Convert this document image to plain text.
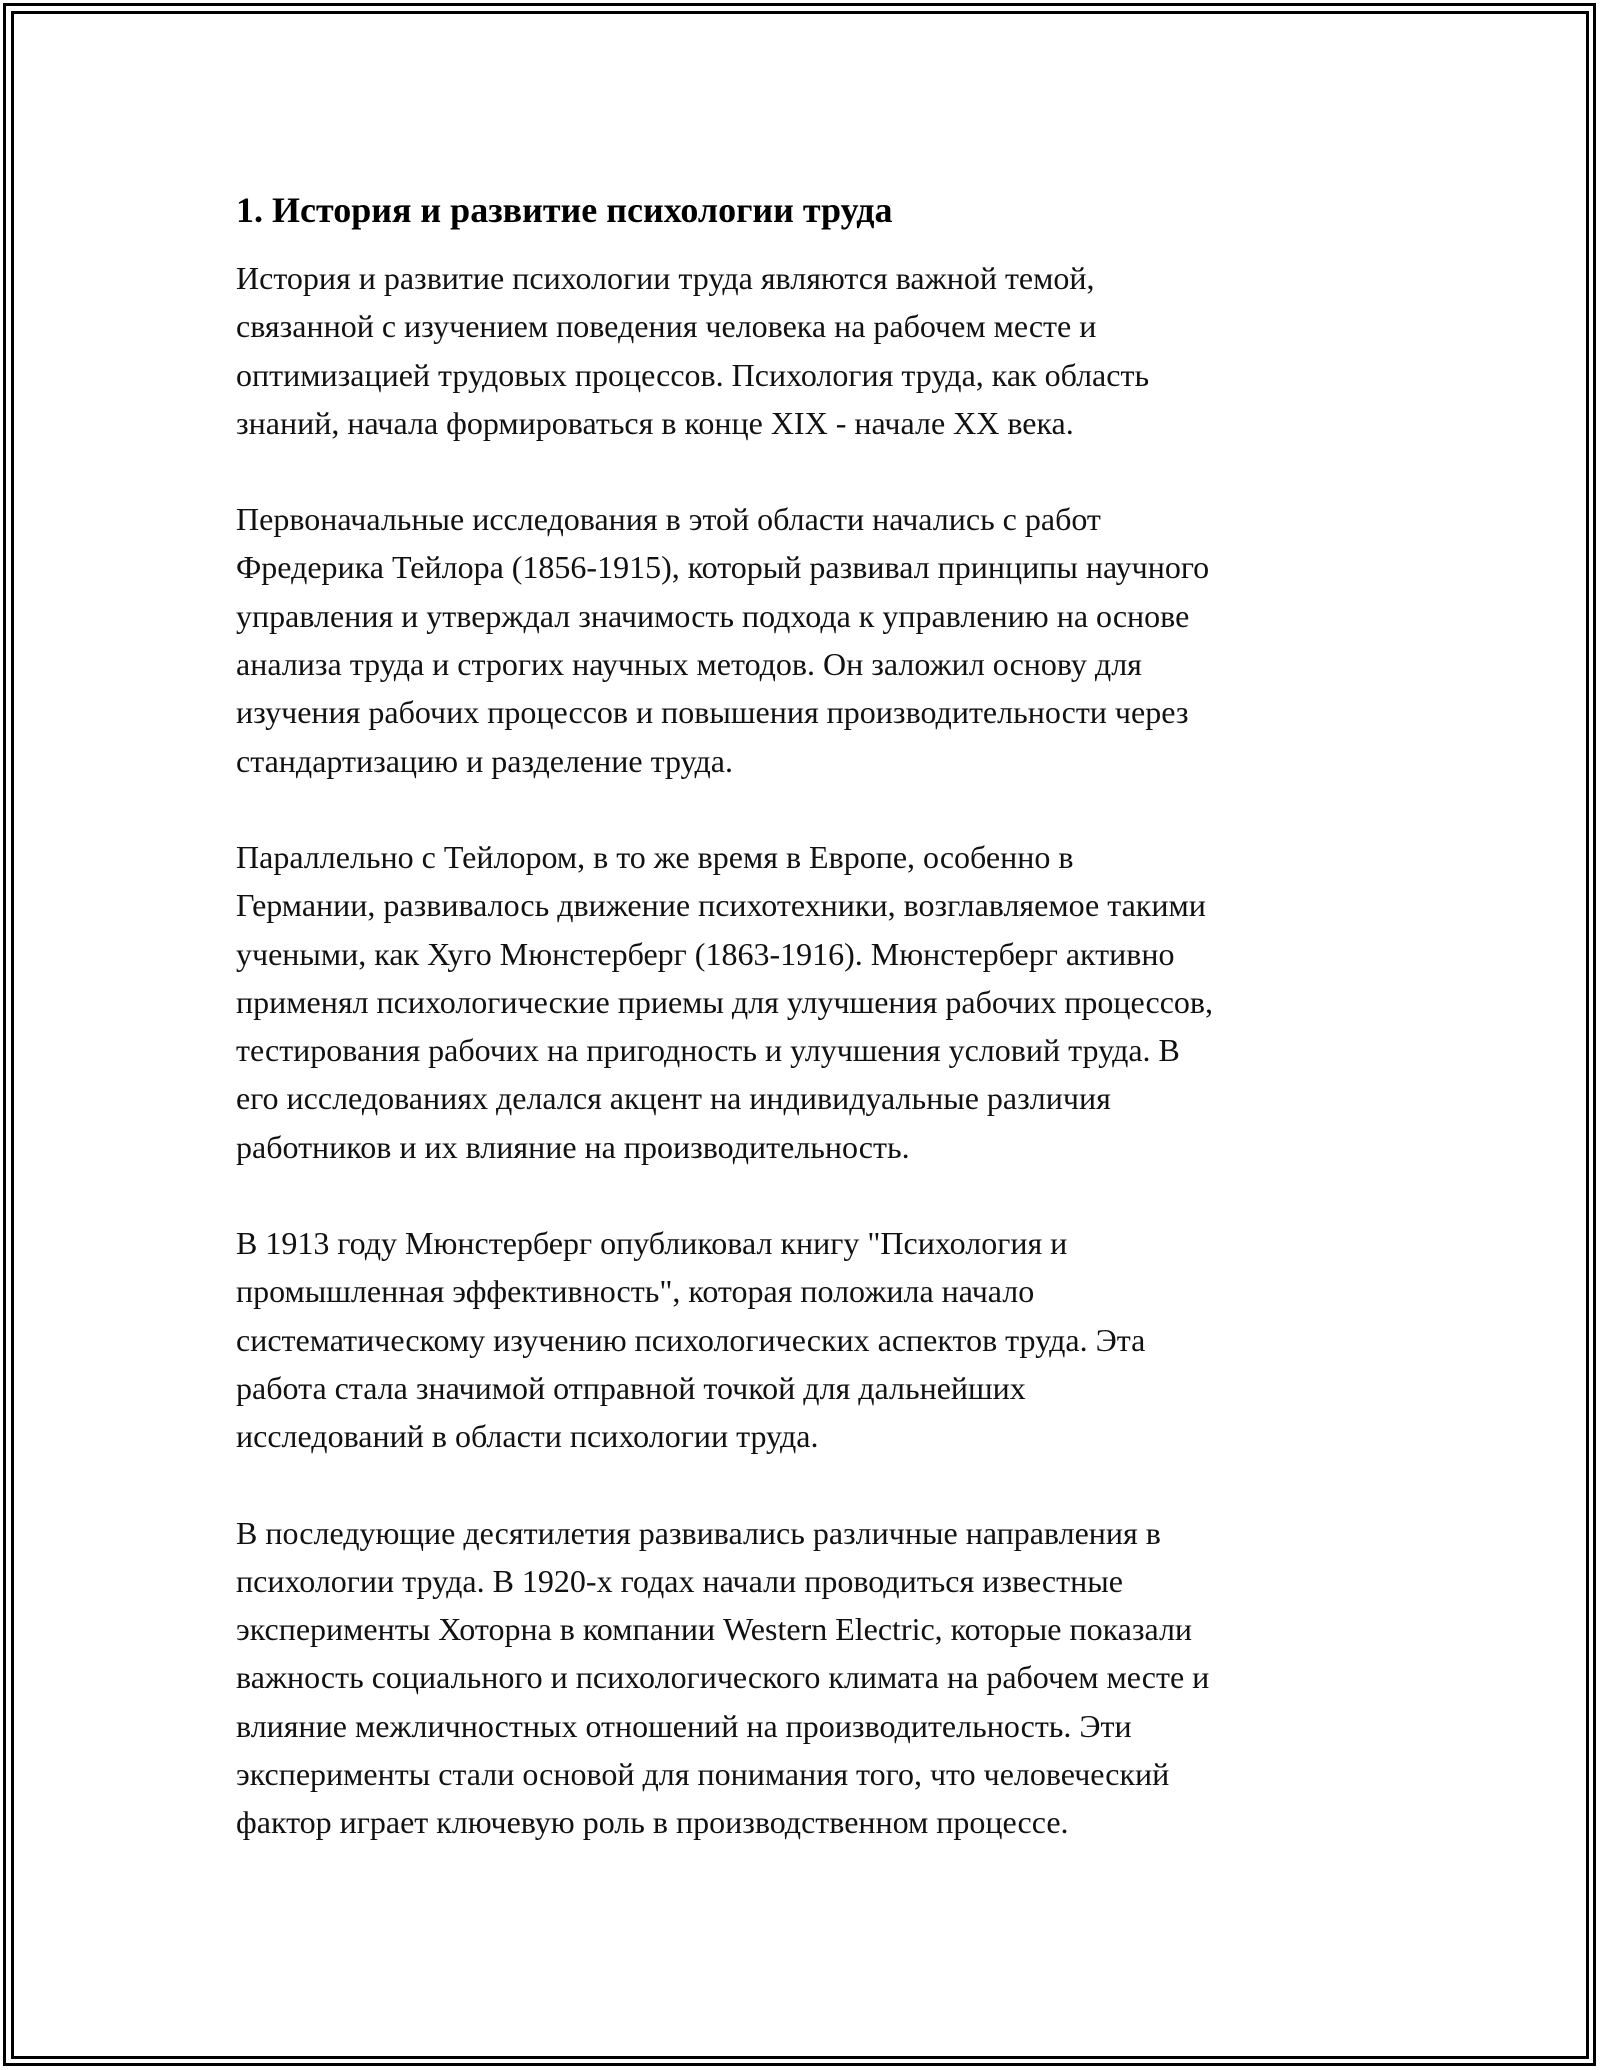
1. История и развитие психологии труда

История и развитие психологии труда являются важной темой,
связанной с изучением поведения человека на рабочем месте и
оптимизацией трудовых процессов. Психология труда, как область
знаний, начала формироваться в конце XIX - начале XX века.

Первоначальные исследования в этой области начались с работ
Фредерика Тейлора (1856-1915), который развивал принципы научного
управления и утверждал значимость подхода к управлению на основе
анализа труда и строгих научных методов. Он заложил основу для
изучения рабочих процессов и повышения производительности через
стандартизацию и разделение труда.

Параллельно с Тейлором, в то же время в Европе, особенно в
Германии, развивалось движение психотехники, возглавляемое такими
учеными, как Хуго Мюнстерберг (1863-1916). Мюнстерберг активно
применял психологические приемы для улучшения рабочих процессов,
тестирования рабочих на пригодность и улучшения условий труда. В
его исследованиях делался акцент на индивидуальные различия
работников и их влияние на производительность.

В 1913 году Мюнстерберг опубликовал книгу "Психология и
промышленная эффективность", которая положила начало
систематическому изучению психологических аспектов труда. Эта
работа стала значимой отправной точкой для дальнейших
исследований в области психологии труда.

В последующие десятилетия развивались различные направления в
психологии труда. В 1920-х годах начали проводиться известные
эксперименты Хоторна в компании Western Electric, которые показали
важность социального и психологического климата на рабочем месте и
влияние межличностных отношений на производительность. Эти
эксперименты стали основой для понимания того, что человеческий
фактор играет ключевую роль в производственном процессе.
